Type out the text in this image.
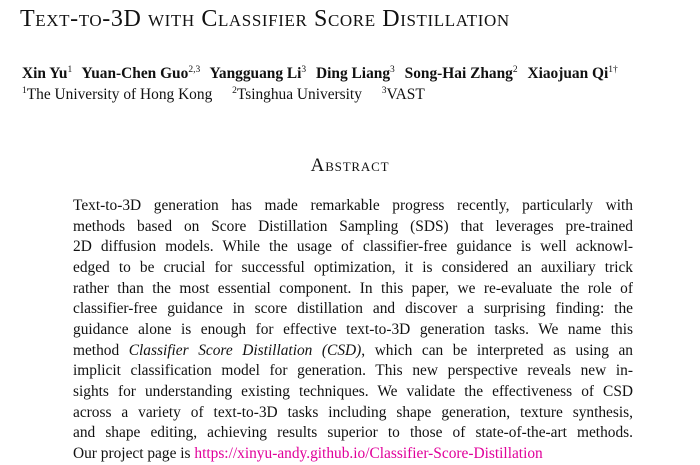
Text-to-3D with Classifier Score Distillation
Xin Yu$^1$ Yuan-Chen Guo$^{2,3}$ Yangguang Li$^3$ Ding Liang$^3$ Song-Hai Zhang$^2$ Xiaojuan $Qi^{1\dagger}$
$^1$The University of Hong Kong $^2$Tsinghua University $^3$VAST
Abstract
Text-to-3D generation has made remarkable progress recently, particularly with
methods based on Score Distillation Sampling (SDS) that leverages pre-trained
2D diffusion models. While the usage of classifier-free guidance is well acknowl-
edged to be crucial for successful optimization, it is considered an auxiliary trick
rather than the most essential component. In this paper, we re-evaluate the role of
classifier-free guidance in score distillation and discover a surprising finding: the
guidance alone is enough for effective text-to-3D generation tasks. We name this
method Classifier Score Distillation (CSD), which can be interpreted as using an
implicit classification model for generation. This new perspective reveals new in-
sights for understanding existing techniques. We validate the effectiveness of CSD
across a variety of text-to-3D tasks including shape generation, texture synthesis,
and shape editing, achieving results superior to those of state-of-the-art methods.
Our project page is https://xinyu-andy.github.io/Classifier-Score-Distillation
